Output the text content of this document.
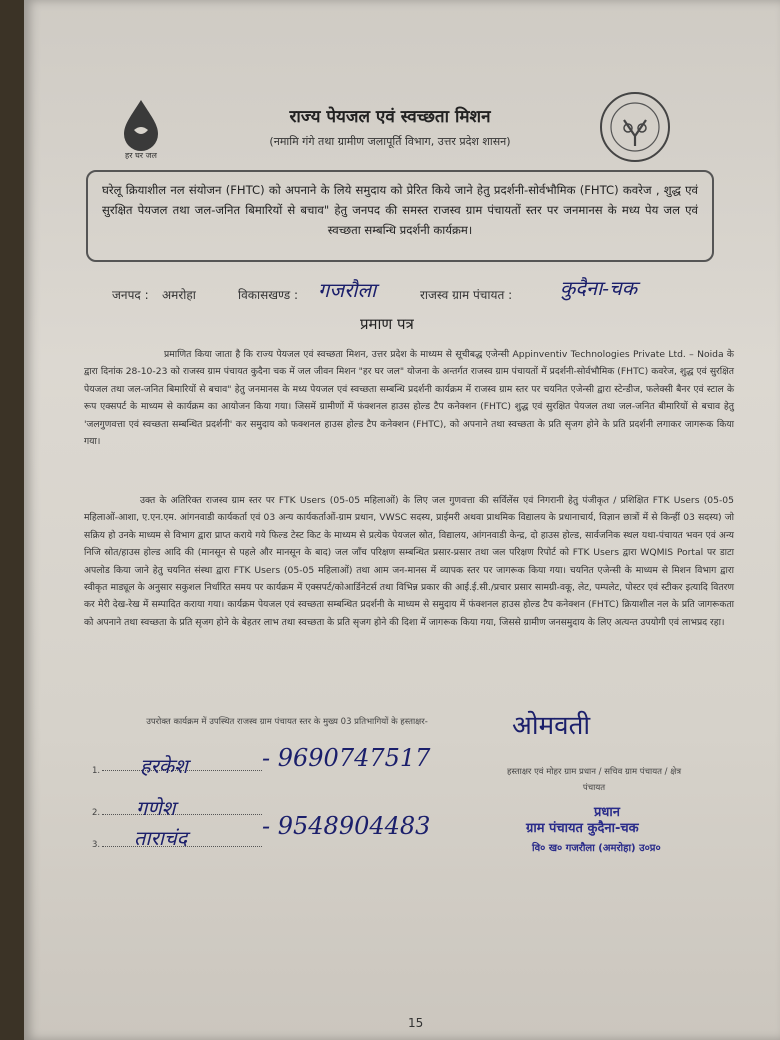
हर घर जल
राज्य पेयजल एवं स्वच्छता मिशन
(नमामि गंगे तथा ग्रामीण जलापूर्ति विभाग, उत्तर प्रदेश शासन)

घरेलू क्रियाशील नल संयोजन (FHTC) को अपनाने के लिये समुदाय को प्रेरित किये जाने हेतु प्रदर्शनी-सोर्वभौमिक (FHTC) कवरेज , शुद्ध एवं सुरक्षित पेयजल तथा जल-जनित बिमारियों से बचाव" हेतु जनपद की समस्त राजस्व ग्राम पंचायतों स्तर पर जनमानस के मध्य पेय जल एवं स्वच्छता सम्बन्धि प्रदर्शनी कार्यक्रम।

जनपद : अमरोहा	विकासखण्ड : गजरौला	राजस्व ग्राम पंचायत : कुदैना-चक
प्रमाण पत्र
प्रमाणित किया जाता है कि राज्य पेयजल एवं स्वच्छता मिशन, उत्तर प्रदेश के माध्यम से सूचीबद्ध एजेन्सी Appinventiv Technologies Private Ltd. – Noida के द्वारा दिनांक 28-10-23 को राजस्व ग्राम पंचायत कुदैना चक में जल जीवन मिशन "हर घर जल" योजना के अन्तर्गत राजस्व ग्राम पंचायतों में प्रदर्शनी-सोर्वभौमिक (FHTC) कवरेज, शुद्ध एवं सुरक्षित पेयजल तथा जल-जनित बिमारियों से बचाव" हेतु जनमानस के मध्य पेयजल एवं स्वच्छता सम्बन्धि प्रदर्शनी कार्यक्रम में राजस्व ग्राम स्तर पर चयनित एजेन्सी द्वारा स्टेन्डीज, फलेक्सी बैनर एवं स्टाल के रूप एक्सपर्ट के माध्यम से कार्यक्रम का आयोजन किया गया। जिसमें ग्रामीणों में फंक्शनल हाउस होल्ड टैप कनेक्शन (FHTC) शुद्ध एवं सुरक्षित पेयजल तथा जल-जनित बीमारियों से बचाव हेतु 'जलगुणवत्ता एवं स्वच्छता सम्बन्धित प्रदर्शनी' कर समुदाय को फक्शनल हाउस होल्ड टैप कनेक्शन (FHTC), को अपनाने तथा स्वच्छता के प्रति सृजग होने के प्रति प्रदर्शनी लगाकर जागरूक किया गया।
उक्त के अतिरिक्त राजस्व ग्राम स्तर पर FTK Users (05-05 महिलाओं) के लिए जल गुणवत्ता की सर्विलेंस एवं निगरानी हेतु पंजीकृत / प्रशिक्षित FTK Users (05-05 महिलाओं-आशा, ए.एन.एम. आंगनवाडी कार्यकर्ता एवं 03 अन्य कार्यकर्ताओं-ग्राम प्रधान, VWSC सदस्य, प्राईमरी अथवा प्राथमिक विद्यालय के प्रधानाचार्य, विज्ञान छात्रों में से किन्हीं 03 सदस्य) जो सक्रिय हो उनके माध्यम से विभाग द्वारा प्राप्त कराये गये फिल्ड टेस्ट किट के माध्यम से प्रत्येक पेयजल स्रोत, विद्यालय, आंगनवाडी केन्द्र, दो हाउस होल्ड, सार्वजनिक स्थल यथा-पंचायत भवन एवं अन्य निजि स्रोत/हाउस होल्ड आदि की (मानसून से पहले और मानसून के बाद) जल जाँच परिक्षण सम्बन्धित प्रसार-प्रसार तथा जल परिक्षण रिपोर्ट को FTK Users द्वारा WQMIS Portal पर डाटा अपलोड किया जाने हेतु चयनित संस्था द्वारा FTK Users (05-05 महिलाओं) तथा आम जन-मानस में व्यापक स्तर पर जागरूक किया गया। चयनित एजेन्सी के माध्यम से मिशन विभाग द्वारा स्वीकृत माड्यूल के अनुसार सकुशल निर्धारित समय पर कार्यक्रम में एक्सपर्ट/कोआर्डिनेटर्स तथा विभिन्न प्रकार की आई.ई.सी./प्रचार प्रसार सामग्री-वकू, लेट, पम्पलेट, पोस्टर एवं स्टीकर इत्यादि वितरण कर मेरी देख-रेख में सम्पादित कराया गया। कार्यक्रम पेयजल एवं स्वच्छता सम्बन्धित प्रदर्शनी के माध्यम से समुदाय में फंक्शनल हाउस होल्ड टैप कनेक्शन (FHTC) क्रियाशील नल के प्रति जागरूकता को अपनाने तथा स्वच्छता के प्रति सृजग होने के बेहतर लाभ तथा स्वच्छता के प्रति सृजग होने की दिशा में जागरूक किया गया, जिससे ग्रामीण जनसमुदाय के लिए अत्यन्त उपयोगी एवं लाभप्रद रहा।
उपरोक्त कार्यक्रम में उपस्थित राजस्व ग्राम पंचायत स्तर के मुख्य 03 प्रतिभागियों के हस्ताक्षर-
1. हरकेश	- 9690747517
2. गणेश
3. ताराचंद	- 9548904483
ओमवती
हस्ताक्षर एवं मोहर ग्राम प्रधान / सचिव ग्राम पंचायत / क्षेत्र पंचायत
प्रधान
ग्राम पंचायत कुदैना-चक
वि० ख० गजरौला (अमरोहा) उ०प्र०
15
